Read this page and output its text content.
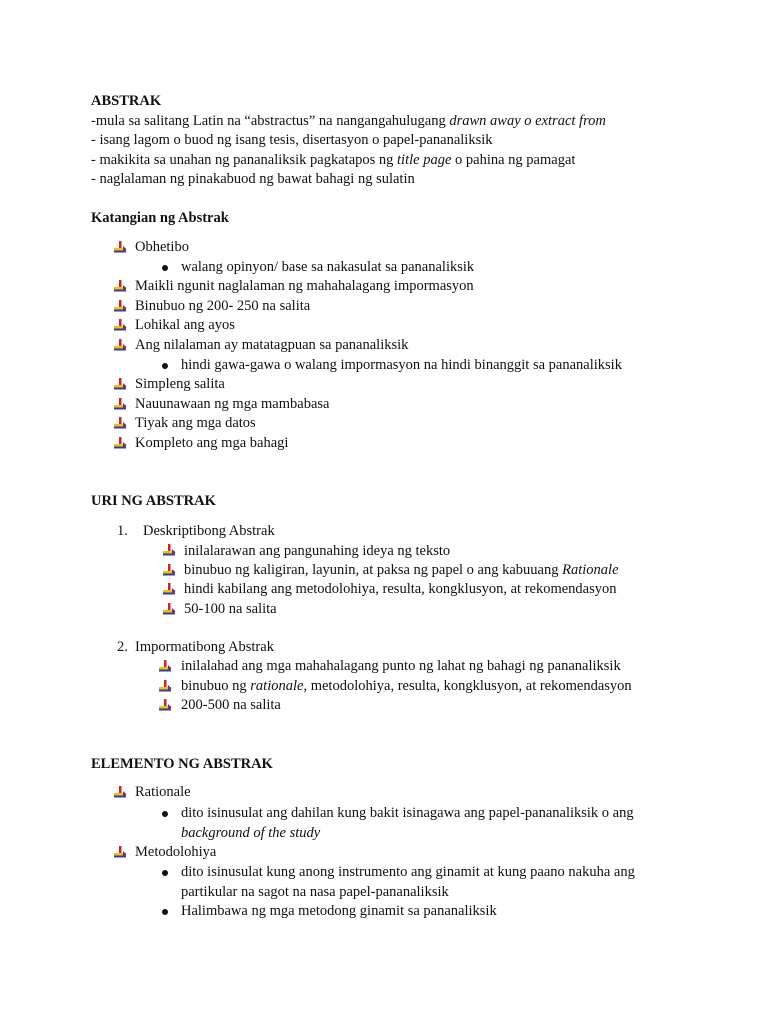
ABSTRAK
-mula sa salitang Latin na “abstractus” na nangangahulugang drawn away o extract from
- isang lagom o buod ng isang tesis, disertasyon o papel-pananaliksik
- makikita sa unahan ng pananaliksik pagkatapos ng title page o pahina ng pamagat
- naglalaman ng pinakabuod ng bawat bahagi ng sulatin
Katangian ng Abstrak
Obhetibo
walang opinyon/ base sa nakasulat sa pananaliksik
Maikli ngunit naglalaman ng mahahalagang impormasyon
Binubuo ng 200- 250 na salita
Lohikal ang ayos
Ang nilalaman ay matatagpuan sa pananaliksik
hindi gawa-gawa o walang impormasyon na hindi binanggit sa pananaliksik
Simpleng salita
Nauunawaan ng mga mambabasa
Tiyak ang mga datos
Kompleto ang mga bahagi
URI NG ABSTRAK
1. Deskriptibong Abstrak
inilalarawan ang pangunahing ideya ng teksto
binubuo ng kaligiran, layunin, at paksa ng papel o ang kabuuang Rationale
hindi kabilang ang metodolohiya, resulta, kongklusyon, at rekomendasyon
50-100 na salita
2. Impormatibong Abstrak
inilalahad ang mga mahahalagang punto ng lahat ng bahagi ng pananaliksik
binubuo ng rationale, metodolohiya, resulta, kongklusyon, at rekomendasyon
200-500 na salita
ELEMENTO NG ABSTRAK
Rationale
dito isinusulat ang dahilan kung bakit isinagawa ang papel-pananaliksik o ang
background of the study
Metodolohiya
dito isinusulat kung anong instrumento ang ginamit at kung paano nakuha ang
partikular na sagot na nasa papel-pananaliksik
Halimbawa ng mga metodong ginamit sa pananaliksik
